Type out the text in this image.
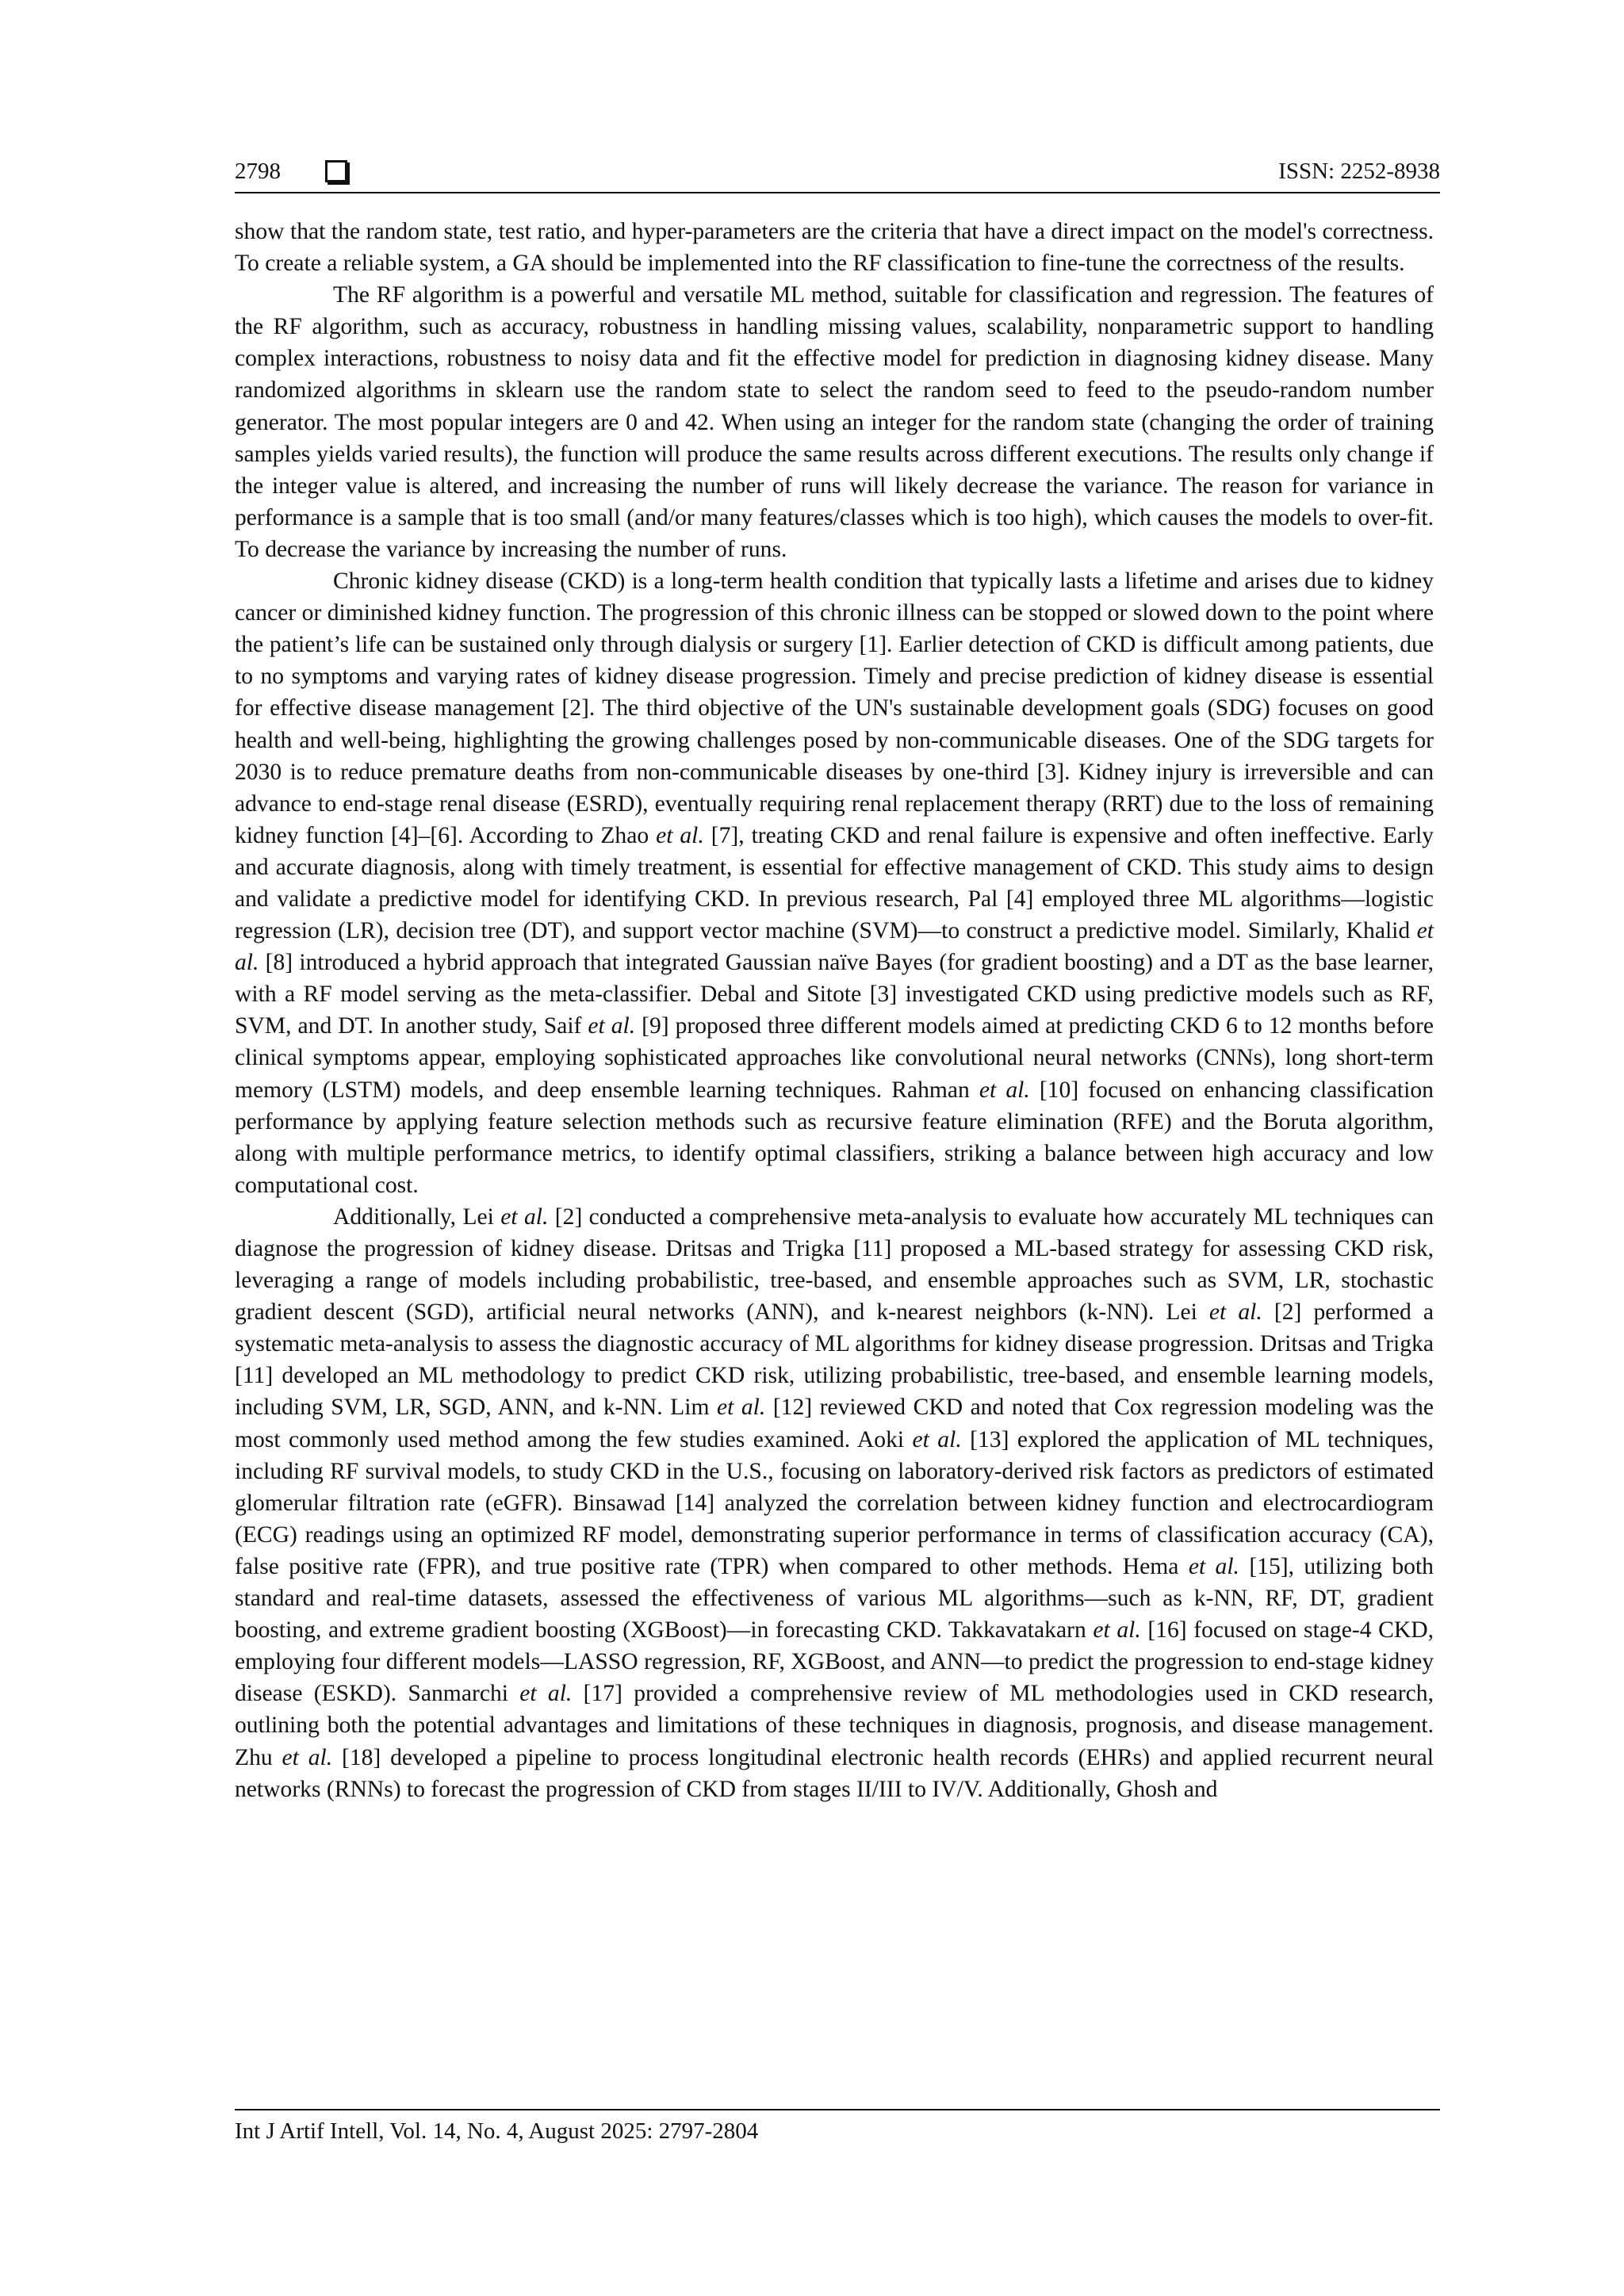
2798	ISSN: 2252-8938

show that the random state, test ratio, and hyper-parameters are the criteria that have a direct impact on the model's correctness. To create a reliable system, a GA should be implemented into the RF classification to fine-tune the correctness of the results.

The RF algorithm is a powerful and versatile ML method, suitable for classification and regression. The features of the RF algorithm, such as accuracy, robustness in handling missing values, scalability, nonparametric support to handling complex interactions, robustness to noisy data and fit the effective model for prediction in diagnosing kidney disease. Many randomized algorithms in sklearn use the random state to select the random seed to feed to the pseudo-random number generator. The most popular integers are 0 and 42. When using an integer for the random state (changing the order of training samples yields varied results), the function will produce the same results across different executions. The results only change if the integer value is altered, and increasing the number of runs will likely decrease the variance. The reason for variance in performance is a sample that is too small (and/or many features/classes which is too high), which causes the models to over-fit. To decrease the variance by increasing the number of runs.

Chronic kidney disease (CKD) is a long-term health condition that typically lasts a lifetime and arises due to kidney cancer or diminished kidney function. The progression of this chronic illness can be stopped or slowed down to the point where the patient’s life can be sustained only through dialysis or surgery [1]. Earlier detection of CKD is difficult among patients, due to no symptoms and varying rates of kidney disease progression. Timely and precise prediction of kidney disease is essential for effective disease management [2]. The third objective of the UN's sustainable development goals (SDG) focuses on good health and well-being, highlighting the growing challenges posed by non-communicable diseases. One of the SDG targets for 2030 is to reduce premature deaths from non-communicable diseases by one-third [3]. Kidney injury is irreversible and can advance to end-stage renal disease (ESRD), eventually requiring renal replacement therapy (RRT) due to the loss of remaining kidney function [4]–[6]. According to Zhao et al. [7], treating CKD and renal failure is expensive and often ineffective. Early and accurate diagnosis, along with timely treatment, is essential for effective management of CKD. This study aims to design and validate a predictive model for identifying CKD. In previous research, Pal [4] employed three ML algorithms—logistic regression (LR), decision tree (DT), and support vector machine (SVM)—to construct a predictive model. Similarly, Khalid et al. [8] introduced a hybrid approach that integrated Gaussian naïve Bayes (for gradient boosting) and a DT as the base learner, with a RF model serving as the meta-classifier. Debal and Sitote [3] investigated CKD using predictive models such as RF, SVM, and DT. In another study, Saif et al. [9] proposed three different models aimed at predicting CKD 6 to 12 months before clinical symptoms appear, employing sophisticated approaches like convolutional neural networks (CNNs), long short-term memory (LSTM) models, and deep ensemble learning techniques. Rahman et al. [10] focused on enhancing classification performance by applying feature selection methods such as recursive feature elimination (RFE) and the Boruta algorithm, along with multiple performance metrics, to identify optimal classifiers, striking a balance between high accuracy and low computational cost.

Additionally, Lei et al. [2] conducted a comprehensive meta-analysis to evaluate how accurately ML techniques can diagnose the progression of kidney disease. Dritsas and Trigka [11] proposed a ML-based strategy for assessing CKD risk, leveraging a range of models including probabilistic, tree-based, and ensemble approaches such as SVM, LR, stochastic gradient descent (SGD), artificial neural networks (ANN), and k-nearest neighbors (k-NN). Lei et al. [2] performed a systematic meta-analysis to assess the diagnostic accuracy of ML algorithms for kidney disease progression. Dritsas and Trigka [11] developed an ML methodology to predict CKD risk, utilizing probabilistic, tree-based, and ensemble learning models, including SVM, LR, SGD, ANN, and k-NN. Lim et al. [12] reviewed CKD and noted that Cox regression modeling was the most commonly used method among the few studies examined. Aoki et al. [13] explored the application of ML techniques, including RF survival models, to study CKD in the U.S., focusing on laboratory-derived risk factors as predictors of estimated glomerular filtration rate (eGFR). Binsawad [14] analyzed the correlation between kidney function and electrocardiogram (ECG) readings using an optimized RF model, demonstrating superior performance in terms of classification accuracy (CA), false positive rate (FPR), and true positive rate (TPR) when compared to other methods. Hema et al. [15], utilizing both standard and real-time datasets, assessed the effectiveness of various ML algorithms—such as k-NN, RF, DT, gradient boosting, and extreme gradient boosting (XGBoost)—in forecasting CKD. Takkavatakarn et al. [16] focused on stage-4 CKD, employing four different models—LASSO regression, RF, XGBoost, and ANN—to predict the progression to end-stage kidney disease (ESKD). Sanmarchi et al. [17] provided a comprehensive review of ML methodologies used in CKD research, outlining both the potential advantages and limitations of these techniques in diagnosis, prognosis, and disease management. Zhu et al. [18] developed a pipeline to process longitudinal electronic health records (EHRs) and applied recurrent neural networks (RNNs) to forecast the progression of CKD from stages II/III to IV/V. Additionally, Ghosh and

Int J Artif Intell, Vol. 14, No. 4, August 2025: 2797-2804
